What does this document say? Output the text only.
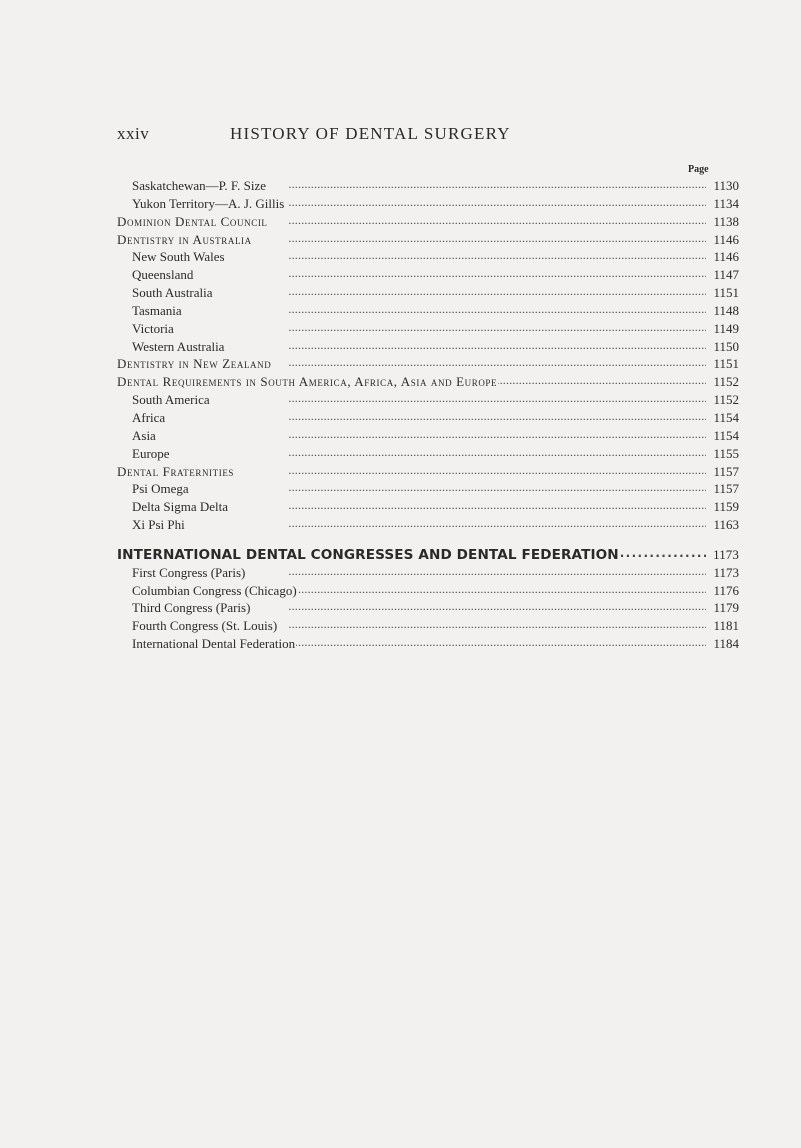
xxiv	HISTORY OF DENTAL SURGERY
Page
Saskatchewan—P. F. Size . . .	1130
Yukon Territory—A. J. Gillis . . .	1134
Dominion Dental Council . . .	1138
Dentistry in Australia . . .	1146
New South Wales . . .	1146
Queensland . . .	1147
South Australia . . .	1151
Tasmania . . .	1148
Victoria . . .	1149
Western Australia . . .	1150
Dentistry in New Zealand . . .	1151
Dental Requirements in South America, Africa, Asia and Europe . . .	1152
South America . . .	1152
Africa . . .	1154
Asia . . .	1154
Europe . . .	1155
Dental Fraternities . . .	1157
Psi Omega . . .	1157
Delta Sigma Delta . . .	1159
Xi Psi Phi . . .	1163
INTERNATIONAL DENTAL CONGRESSES AND DENTAL FEDERATION . . .	1173
First Congress (Paris) . . .	1173
Columbian Congress (Chicago) . . .	1176
Third Congress (Paris) . . .	1179
Fourth Congress (St. Louis) . . .	1181
International Dental Federation . . .	1184
